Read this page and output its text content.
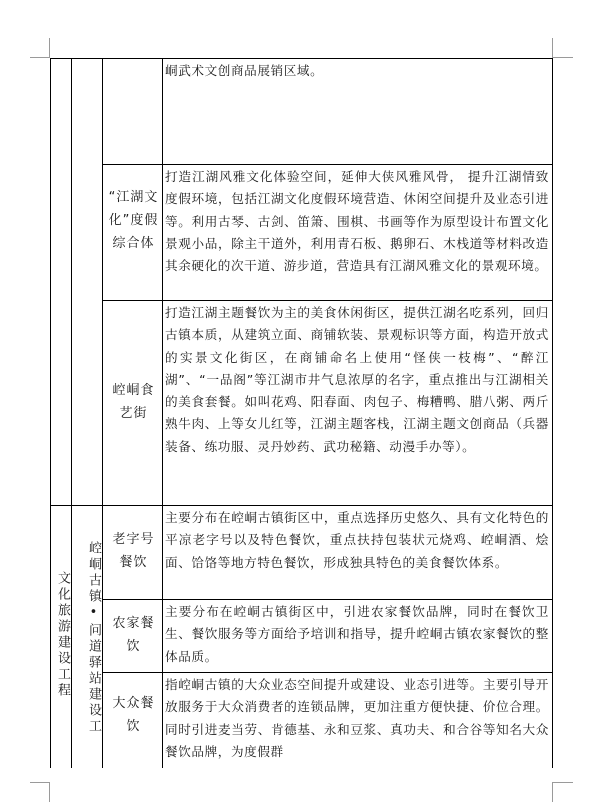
文化旅游建设工程	崆峒古镇•问道驿站建设工
峒武术文创商品展销区域。
“江湖文化”度假综合体
打造江湖风雅文化体验空间，延伸大侠风雅风骨， 提升江湖情致度假环境，包括江湖文化度假环境营造、休闲空间提升及业态引进等。利用古琴、古剑、笛箫、围棋、书画等作为原型设计布置文化景观小品，除主干道外，利用青石板、鹅卵石、木栈道等材料改造其余硬化的次干道、游步道，营造具有江湖风雅文化的景观环境。
崆峒食艺街
打造江湖主题餐饮为主的美食休闲街区，提供江湖名吃系列，回归古镇本质，从建筑立面、商铺软装、景观标识等方面，构造开放式的实景文化街区，在商铺命名上使用“怪侠一枝梅”、“醉江湖”、“一品阁”等江湖市井气息浓厚的名字，重点推出与江湖相关的美食套餐。如叫花鸡、阳春面、肉包子、梅糟鸭、腊八粥、两斤熟牛肉、上等女儿红等，江湖主题客栈，江湖主题文创商品（兵器装备、练功服、灵丹妙药、武功秘籍、动漫手办等）。
老字号餐饮
主要分布在崆峒古镇街区中，重点选择历史悠久、具有文化特色的平凉老字号以及特色餐饮，重点扶持包装状元烧鸡、崆峒酒、烩面、饸饹等地方特色餐饮，形成独具特色的美食餐饮体系。
农家餐饮
主要分布在崆峒古镇街区中，引进农家餐饮品牌，同时在餐饮卫生、餐饮服务等方面给予培训和指导，提升崆峒古镇农家餐饮的整体品质。
大众餐饮
指崆峒古镇的大众业态空间提升或建设、业态引进等。主要引导开放服务于大众消费者的连锁品牌，更加注重方便快捷、价位合理。同时引进麦当劳、肯德基、永和豆浆、真功夫、和合谷等知名大众餐饮品牌，为度假群
